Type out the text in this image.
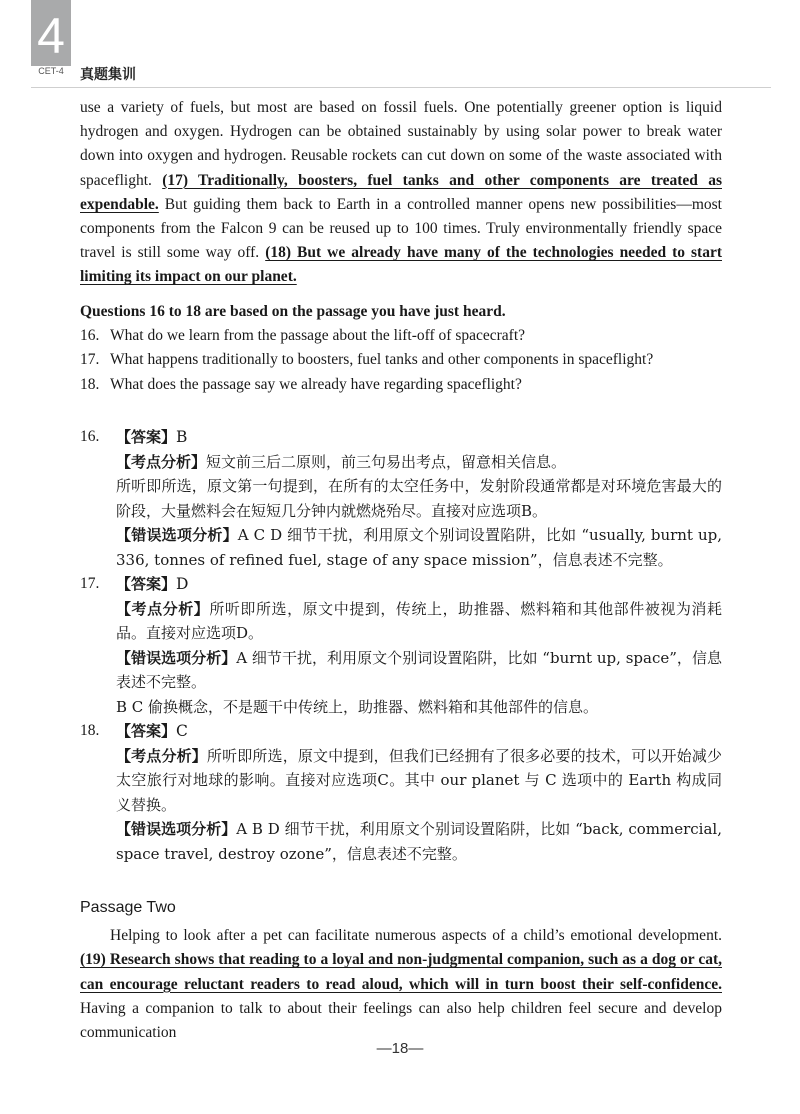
4
CET-4	真题集训

use a variety of fuels, but most are based on fossil fuels. One potentially greener option is liquid hydrogen and oxygen. Hydrogen can be obtained sustainably by using solar power to break water down into oxygen and hydrogen. Reusable rockets can cut down on some of the waste associated with spaceflight. (17) Traditionally, boosters, fuel tanks and other components are treated as expendable. But guiding them back to Earth in a controlled manner opens new possibilities—most components from the Falcon 9 can be reused up to 100 times. Truly environmentally friendly space travel is still some way off. (18) But we already have many of the technologies needed to start limiting its impact on our planet.

Questions 16 to 18 are based on the passage you have just heard.
16. What do we learn from the passage about the lift-off of spacecraft?
17. What happens traditionally to boosters, fuel tanks and other components in spaceflight?
18. What does the passage say we already have regarding spaceflight?
16. 【答案】B
【考点分析】短文前三后二原则，前三句易出考点，留意相关信息。
所听即所选，原文第一句提到，在所有的太空任务中，发射阶段通常都是对环境危害最大的阶段，大量燃料会在短短几分钟内就燃烧殆尽。直接对应选项B。
【错误选项分析】A C D 细节干扰，利用原文个别词设置陷阱，比如 “usually, burnt up, 336, tonnes of refined fuel, stage of any space mission”，信息表述不完整。
17. 【答案】D
【考点分析】所听即所选，原文中提到，传统上，助推器、燃料箱和其他部件被视为消耗品。直接对应选项D。
【错误选项分析】A 细节干扰，利用原文个别词设置陷阱，比如 “burnt up, space”，信息表述不完整。
B C 偷换概念，不是题干中传统上，助推器、燃料箱和其他部件的信息。
18. 【答案】C
【考点分析】所听即所选，原文中提到，但我们已经拥有了很多必要的技术，可以开始减少太空旅行对地球的影响。直接对应选项C。其中 our planet 与 C 选项中的 Earth 构成同义替换。
【错误选项分析】A B D 细节干扰，利用原文个别词设置陷阱，比如 “back, commercial, space travel, destroy ozone”，信息表述不完整。
Passage Two

Helping to look after a pet can facilitate numerous aspects of a child’s emotional development. (19) Research shows that reading to a loyal and non-judgmental companion, such as a dog or cat, can encourage reluctant readers to read aloud, which will in turn boost their self-confidence. Having a companion to talk to about their feelings can also help children feel secure and develop communication

—18—
